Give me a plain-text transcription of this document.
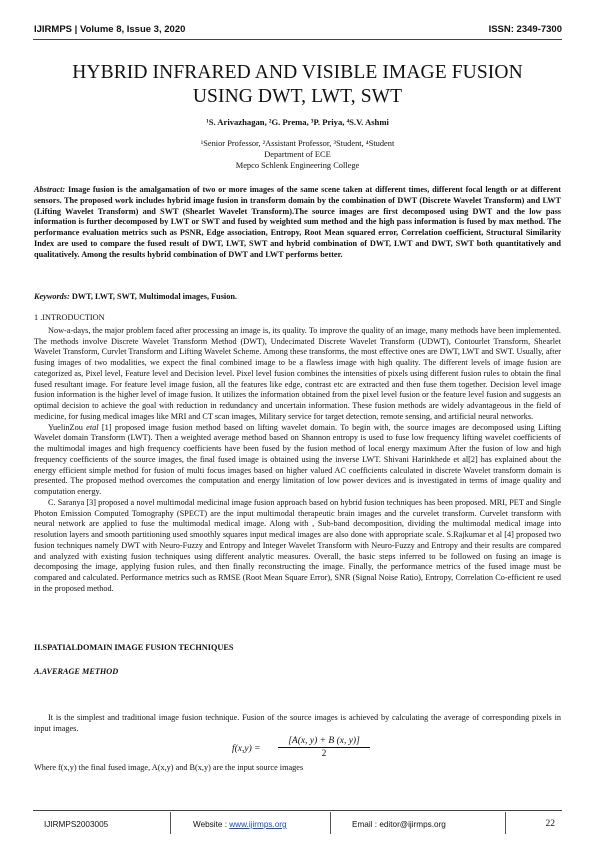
IJIRMPS | Volume 8, Issue 3, 2020	ISSN: 2349-7300
HYBRID INFRARED AND VISIBLE IMAGE FUSION
USING DWT, LWT, SWT
¹S. Arivazhagan, ²G. Prema, ³P. Priya, ⁴S.V. Ashmi
¹Senior Professor, ²Assistant Professor, ³Student, ⁴Student
Department of ECE
Mepco Schlenk Engineering College

Abstract: Image fusion is the amalgamation of two or more images of the same scene taken at different times, different focal length or at different sensors. The proposed work includes hybrid image fusion in transform domain by the combination of DWT (Discrete Wavelet Transform) and LWT (Lifting Wavelet Transform) and SWT (Shearlet Wavelet Transform).The source images are first decomposed using DWT and the low pass information is further decomposed by LWT or SWT and fused by weighted sum method and the high pass information is fused by max method. The performance evaluation metrics such as PSNR, Edge association, Entropy, Root Mean squared error, Correlation coefficient, Structural Similarity Index are used to compare the fused result of DWT, LWT, SWT and hybrid combination of DWT, LWT and DWT, SWT both quantitatively and qualitatively. Among the results hybrid combination of DWT and LWT performs better.

Keywords: DWT, LWT, SWT, Multimodal images, Fusion.

1 .INTRODUCTION

Now-a-days, the major problem faced after processing an image is, its quality. To improve the quality of an image, many methods have been implemented. The methods involve Discrete Wavelet Transform Method (DWT), Undecimated Discrete Wavelet Transform (UDWT), Contourlet Transform, Shearlet Wavelet Transform, Curvlet Transform and Lifting Wavelet Scheme. Among these transforms, the most effective ones are DWT, LWT and SWT. Usually, after fusing images of two modalities, we expect the final combined image to be a flawless image with high quality. The different levels of image fusion are categorized as, Pixel level, Feature level and Decision level. Pixel level fusion combines the intensities of pixels using different fusion rules to obtain the final fused resultant image. For feature level image fusion, all the features like edge, contrast etc are extracted and then fuse them together. Decision level image fusion information is the higher level of image fusion. It utilizes the information obtained from the pixel level fusion or the feature level fusion and suggests an optimal decision to achieve the goal with reduction in redundancy and uncertain information. These fusion methods are widely advantageous in the field of medicine, for fusing medical images like MRI and CT scan images, Military service for target detection, remote sensing, and artificial neural networks.

YuelinZou etal [1] proposed image fusion method based on lifting wavelet domain. To begin with, the source images are decomposed using Lifting Wavelet domain Transform (LWT). Then a weighted average method based on Shannon entropy is used to fuse low frequency lifting wavelet coefficients of the multimodal images and high frequency coefficients have been fused by the fusion method of local energy maximum After the fusion of low and high frequency coefficients of the source images, the final fused image is obtained using the inverse LWT. Shivani Harinkhede et al[2] has explained about the energy efficient simple method for fusion of multi focus images based on higher valued AC coefficients calculated in discrete Wavelet transform domain is presented. The proposed method overcomes the computation and energy limitation of low power devices and is investigated in terms of image quality and computation energy.

C. Saranya [3] proposed a novel multimodal medicinal image fusion approach based on hybrid fusion techniques has been proposed. MRI, PET and Single Photon Emission Computed Tomography (SPECT) are the input multimodal therapeutic brain images and the curvelet transform. Curvelet transform with neural network are applied to fuse the multimodal medical image. Along with , Sub-band decomposition, dividing the multimodal medical image into resolution layers and smooth partitioning used smoothly squares input medical images are also done with appropriate scale. S.Rajkumar et al [4] proposed two fusion techniques namely DWT with Neuro-Fuzzy and Entropy and Integer Wavelet Transform with Neuro-Fuzzy and Entropy and their results are compared and analyzed with existing fusion techniques using different analytic measures. Overall, the basic steps inferred to be followed on fusing an image is decomposing the image, applying fusion rules, and then finally reconstructing the image. Finally, the performance metrics of the fused image must be compared and calculated. Performance metrics such as RMSE (Root Mean Square Error), SNR (Signal Noise Ratio), Entropy, Correlation Co-efficient re used in the proposed method.

II.SPATIALDOMAIN IMAGE FUSION TECHNIQUES
A.AVERAGE METHOD

It is the simplest and traditional image fusion technique. Fusion of the source images is achieved by calculating the average of corresponding pixels in input images.

$f(x,y) = \frac{[A(x, y) + B (x, y)]}{2}$
Where f(x,y) the final fused image, A(x,y) and B(x,y) are the input source images
IJIRMPS2003005	Website : www.ijirmps.org	Email : editor@ijirmps.org	22
